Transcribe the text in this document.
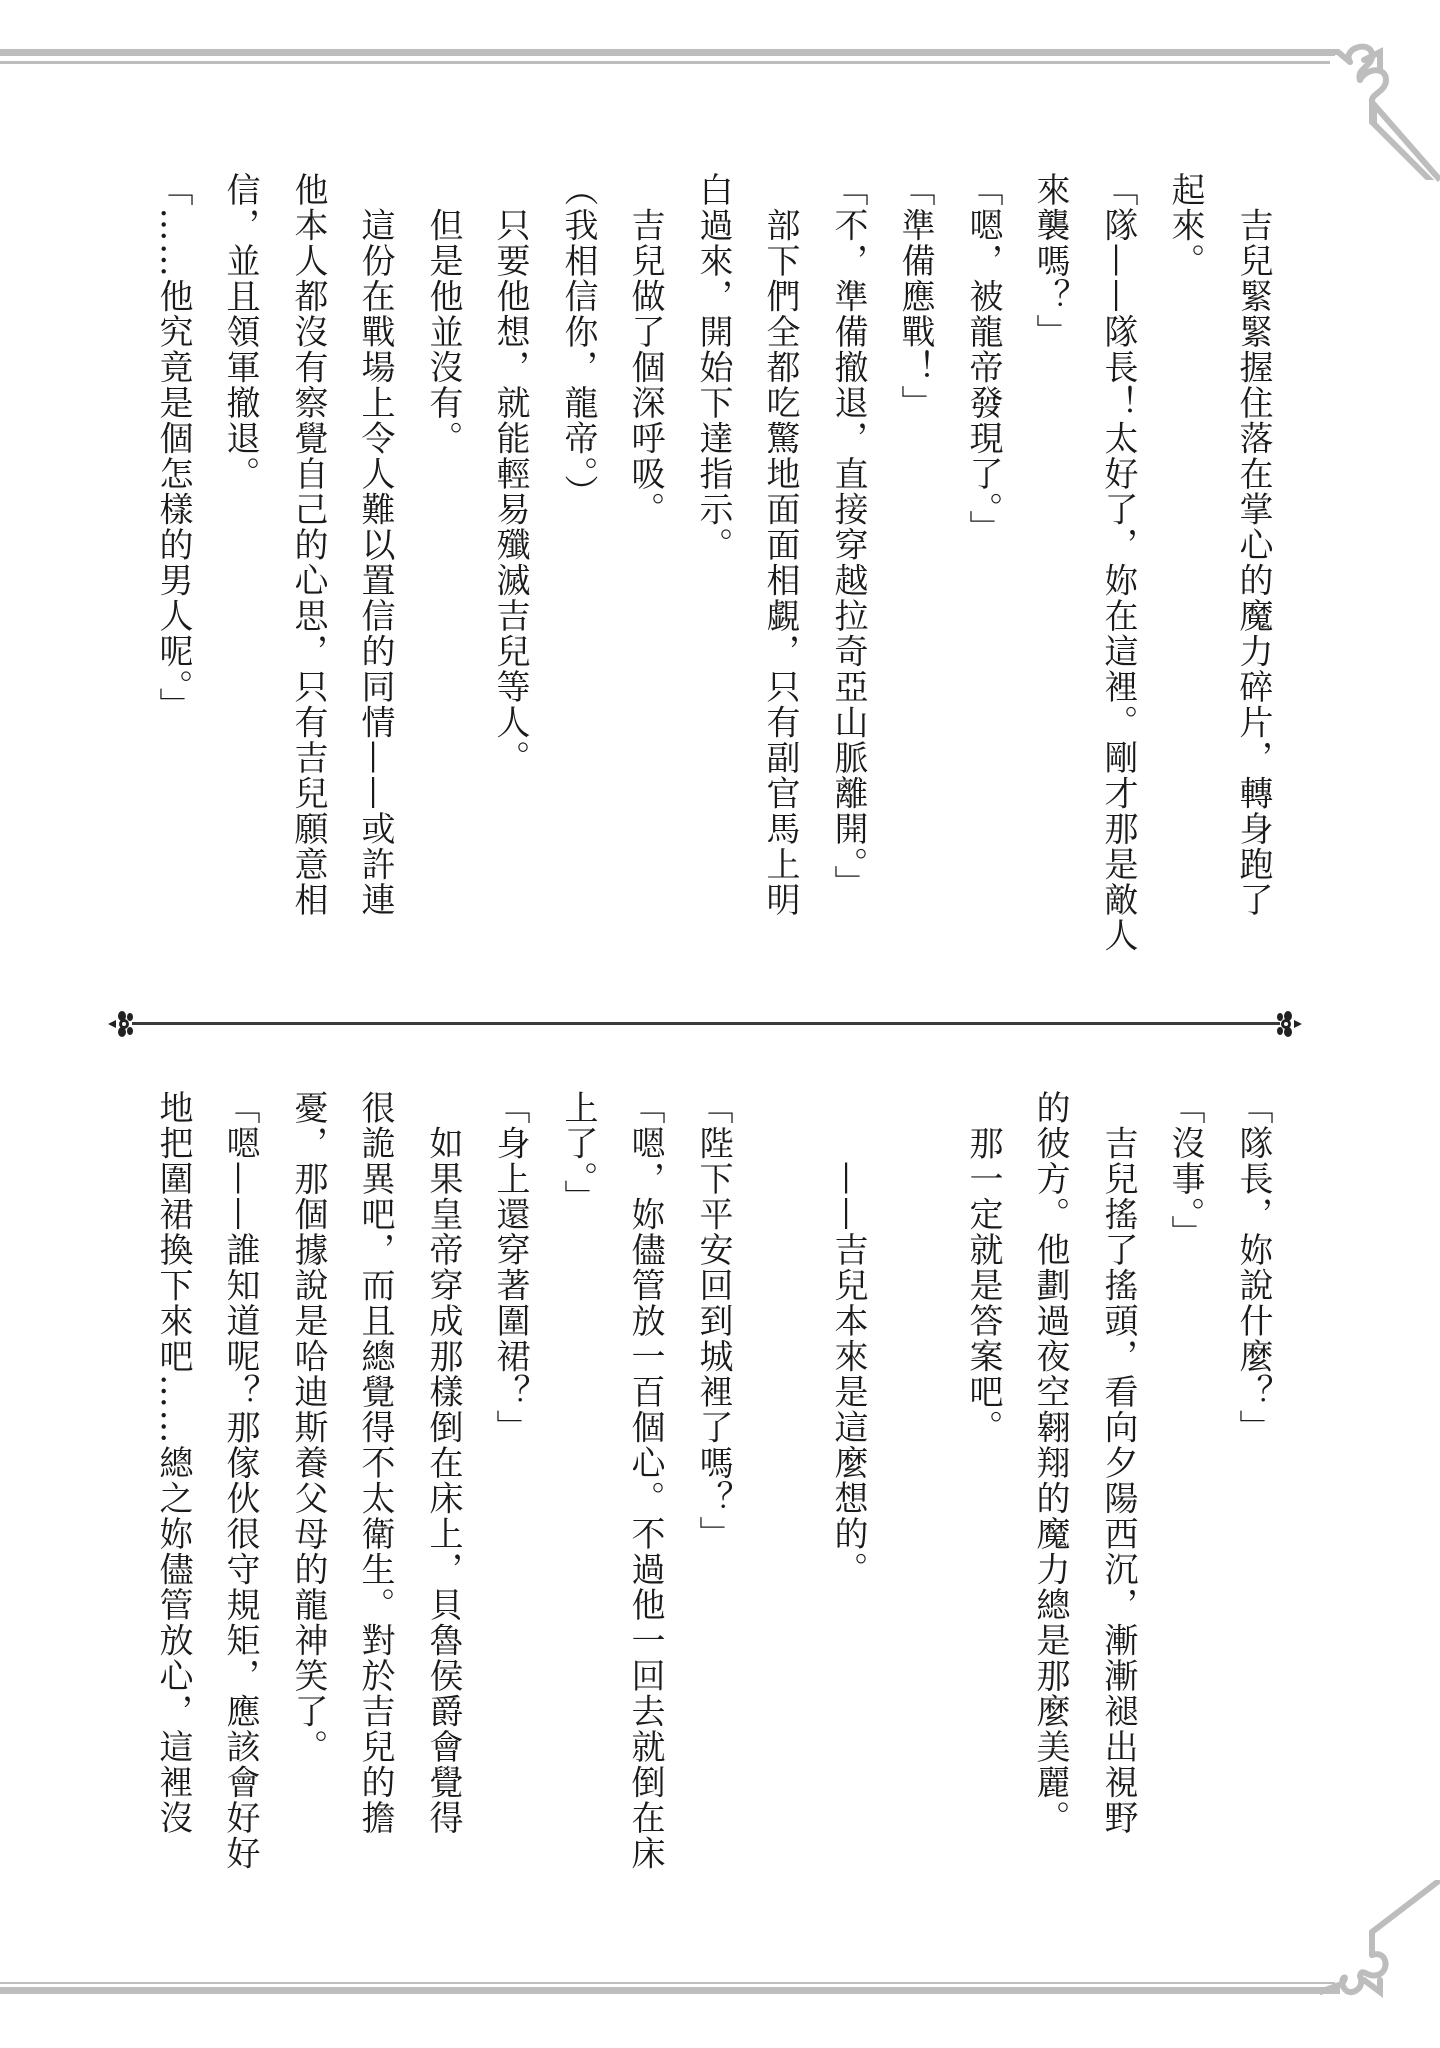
　吉兒緊緊握住落在掌心的魔力碎片，轉身跑了
起來。
「隊——隊長！太好了，妳在這裡。剛才那是敵人
來襲嗎？」
「嗯，被龍帝發現了。」
「準備應戰！」
「不，準備撤退，直接穿越拉奇亞山脈離開。」
　部下們全都吃驚地面面相覷，只有副官馬上明
白過來，開始下達指示。
　吉兒做了個深呼吸。
（我相信你，龍帝。）
　只要他想，就能輕易殲滅吉兒等人。
　但是他並沒有。
　這份在戰場上令人難以置信的同情——或許連
他本人都沒有察覺自己的心思，只有吉兒願意相
信，並且領軍撤退。
「……他究竟是個怎樣的男人呢。」
「隊長，妳說什麼？」
「沒事。」
　吉兒搖了搖頭，看向夕陽西沉，漸漸褪出視野
的彼方。他劃過夜空翱翔的魔力總是那麼美麗。
　那一定就是答案吧。
　　——吉兒本來是這麼想的。
「陛下平安回到城裡了嗎？」
「嗯，妳儘管放一百個心。不過他一回去就倒在床
上了。」
「身上還穿著圍裙？」
　如果皇帝穿成那樣倒在床上，貝魯侯爵會覺得
很詭異吧，而且總覺得不太衛生。對於吉兒的擔
憂，那個據說是哈迪斯養父母的龍神笑了。
「嗯——誰知道呢？那傢伙很守規矩，應該會好好
地把圍裙換下來吧……總之妳儘管放心，這裡沒
